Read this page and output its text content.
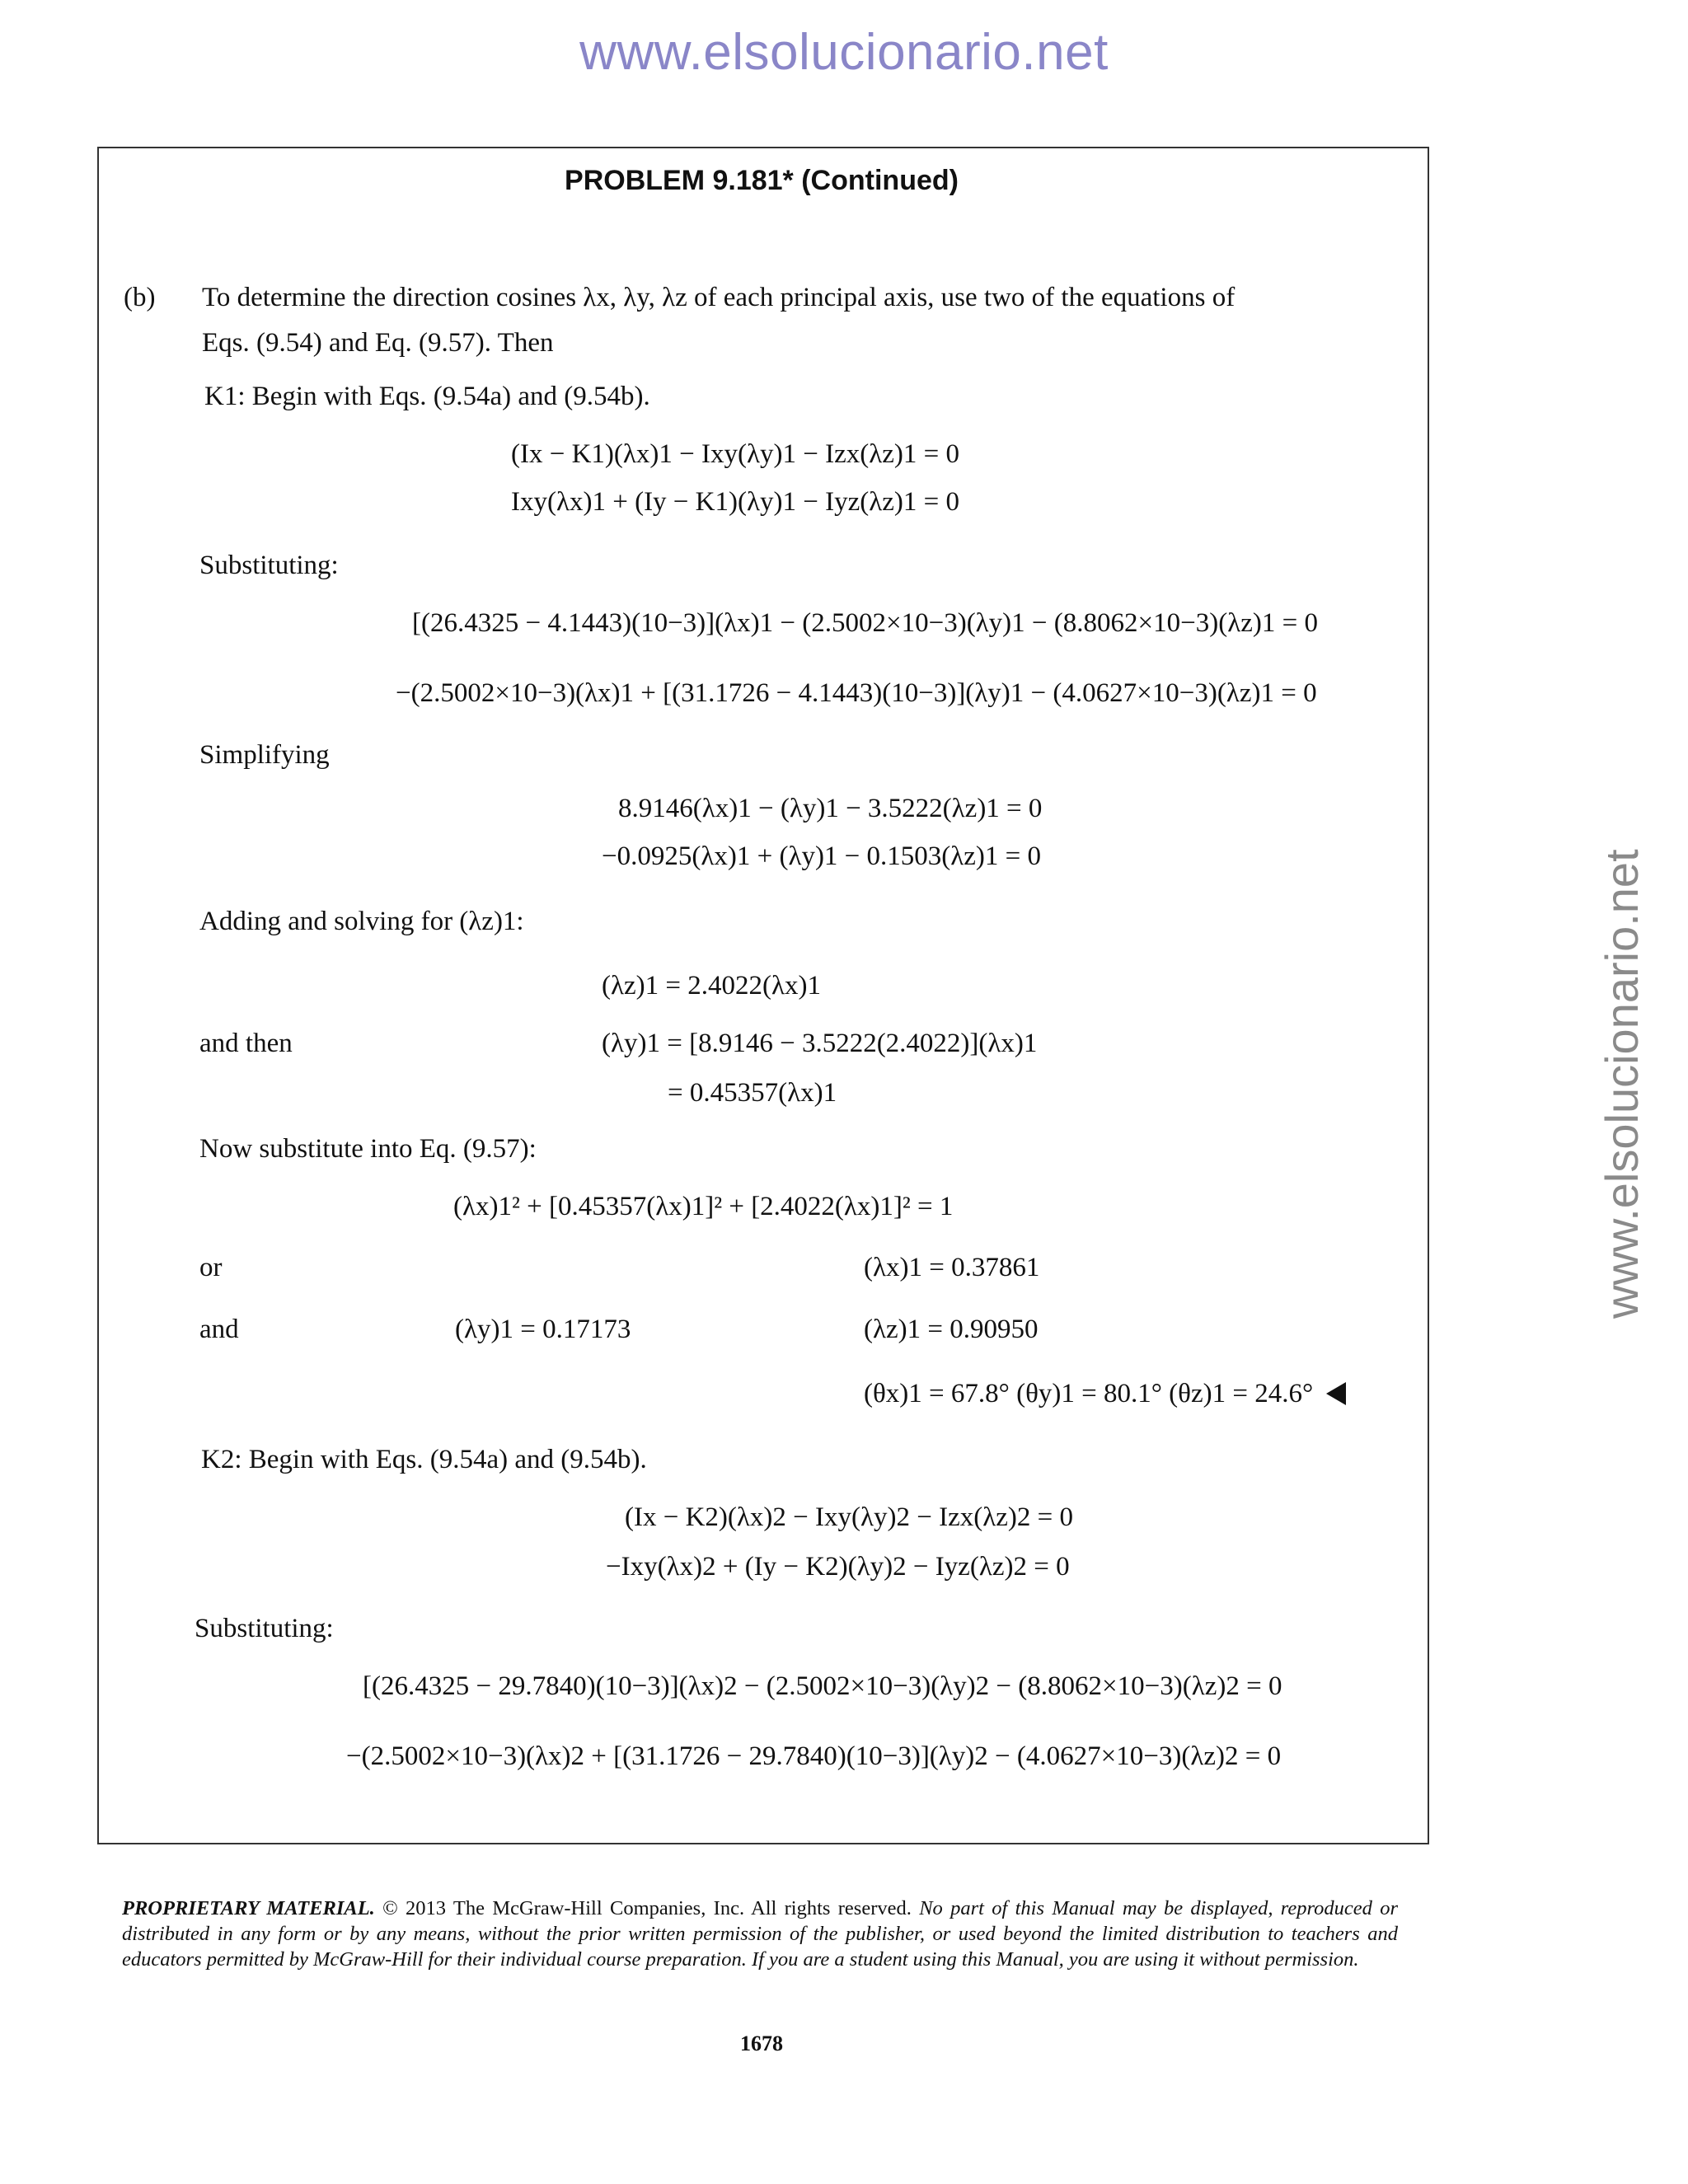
www.elsolucionario.net
www.elsolucionario.net
PROBLEM 9.181* (Continued)
(b) To determine the direction cosines λx, λy, λz of each principal axis, use two of the equations of
Eqs. (9.54) and Eq. (9.57). Then
K1: Begin with Eqs. (9.54a) and (9.54b).
(Ix − K1)(λx)1 − Ixy(λy)1 − Izx(λz)1 = 0
Ixy(λx)1 + (Iy − K1)(λy)1 − Iyz(λz)1 = 0
Substituting:
[(26.4325 − 4.1443)(10−3)](λx)1 − (2.5002×10−3)(λy)1 − (8.8062×10−3)(λz)1 = 0
−(2.5002×10−3)(λx)1 + [(31.1726 − 4.1443)(10−3)](λy)1 − (4.0627×10−3)(λz)1 = 0
Simplifying
8.9146(λx)1 − (λy)1 − 3.5222(λz)1 = 0
−0.0925(λx)1 + (λy)1 − 0.1503(λz)1 = 0
Adding and solving for (λz)1:
(λz)1 = 2.4022(λx)1
and then	(λy)1 = [8.9146 − 3.5222(2.4022)](λx)1
= 0.45357(λx)1
Now substitute into Eq. (9.57):
(λx)1² + [0.45357(λx)1]² + [2.4022(λx)1]² = 1
or	(λx)1 = 0.37861
and	(λy)1 = 0.17173	(λz)1 = 0.90950
(θx)1 = 67.8° (θy)1 = 80.1° (θz)1 = 24.6°
K2: Begin with Eqs. (9.54a) and (9.54b).
(Ix − K2)(λx)2 − Ixy(λy)2 − Izx(λz)2 = 0
−Ixy(λx)2 + (Iy − K2)(λy)2 − Iyz(λz)2 = 0
Substituting:
[(26.4325 − 29.7840)(10−3)](λx)2 − (2.5002×10−3)(λy)2 − (8.8062×10−3)(λz)2 = 0
−(2.5002×10−3)(λx)2 + [(31.1726 − 29.7840)(10−3)](λy)2 − (4.0627×10−3)(λz)2 = 0
PROPRIETARY MATERIAL. © 2013 The McGraw-Hill Companies, Inc. All rights reserved. No part of this Manual may be displayed, reproduced or distributed in any form or by any means, without the prior written permission of the publisher, or used beyond the limited distribution to teachers and educators permitted by McGraw-Hill for their individual course preparation. If you are a student using this Manual, you are using it without permission.
1678
